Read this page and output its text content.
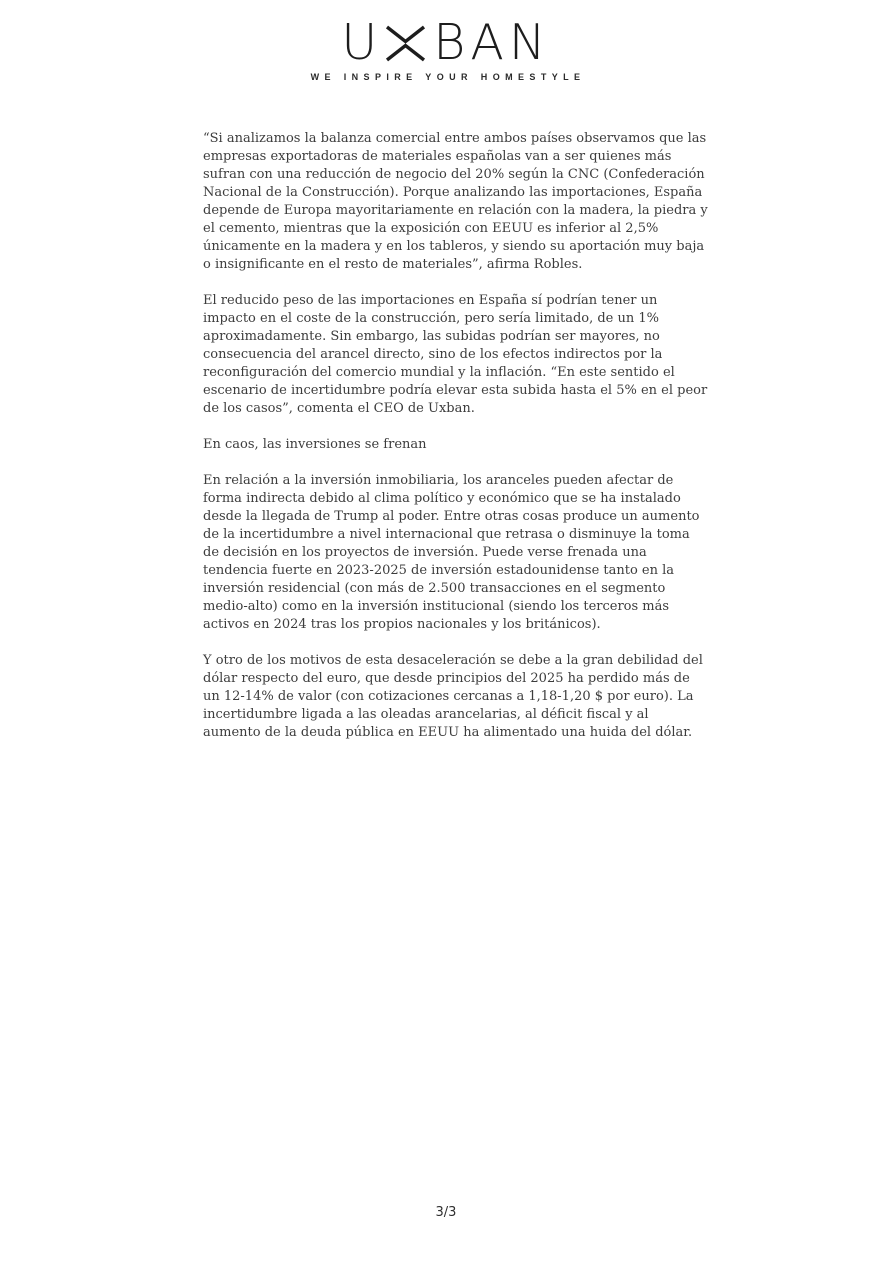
U BAN
WE INSPIRE YOUR HOMESTYLE

“Si analizamos la balanza comercial entre ambos países observamos que las empresas exportadoras de materiales españolas van a ser quienes más sufran con una reducción de negocio del 20% según la CNC (Confederación Nacional de la Construcción). Porque analizando las importaciones, España depende de Europa mayoritariamente en relación con la madera, la piedra y el cemento, mientras que la exposición con EEUU es inferior al 2,5% únicamente en la madera y en los tableros, y siendo su aportación muy baja o insignificante en el resto de materiales”, afirma Robles.

El reducido peso de las importaciones en España sí podrían tener un impacto en el coste de la construcción, pero sería limitado, de un 1% aproximadamente. Sin embargo, las subidas podrían ser mayores, no consecuencia del arancel directo, sino de los efectos indirectos por la reconfiguración del comercio mundial y la inflación. “En este sentido el escenario de incertidumbre podría elevar esta subida hasta el 5% en el peor de los casos”, comenta el CEO de Uxban.

En caos, las inversiones se frenan

En relación a la inversión inmobiliaria, los aranceles pueden afectar de forma indirecta debido al clima político y económico que se ha instalado desde la llegada de Trump al poder. Entre otras cosas produce un aumento de la incertidumbre a nivel internacional que retrasa o disminuye la toma de decisión en los proyectos de inversión. Puede verse frenada una tendencia fuerte en 2023-2025 de inversión estadounidense tanto en la inversión residencial (con más de 2.500 transacciones en el segmento medio-alto) como en la inversión institucional (siendo los terceros más activos en 2024 tras los propios nacionales y los británicos).

Y otro de los motivos de esta desaceleración se debe a la gran debilidad del dólar respecto del euro, que desde principios del 2025 ha perdido más de un 12-14% de valor (con cotizaciones cercanas a 1,18-1,20 $ por euro). La incertidumbre ligada a las oleadas arancelarias, al déficit fiscal y al aumento de la deuda pública en EEUU ha alimentado una huida del dólar.

3/3
